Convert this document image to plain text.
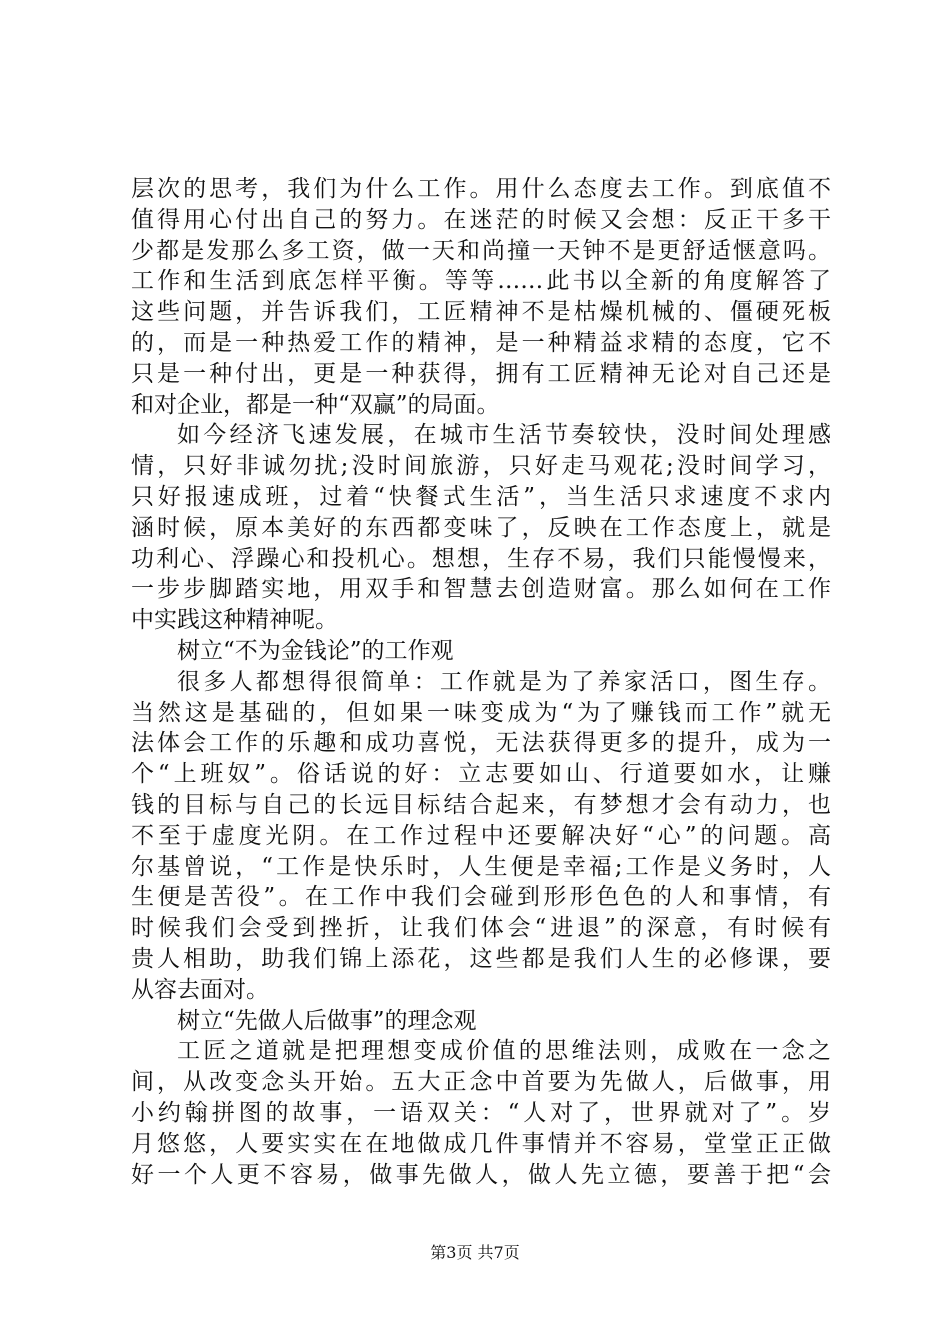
层次的思考，我们为什么工作。用什么态度去工作。到底值不
值得用心付出自己的努力。在迷茫的时候又会想：反正干多干
少都是发那么多工资，做一天和尚撞一天钟不是更舒适惬意吗。
工作和生活到底怎样平衡。等等……此书以全新的角度解答了
这些问题，并告诉我们，工匠精神不是枯燥机械的、僵硬死板
的，而是一种热爱工作的精神，是一种精益求精的态度，它不
只是一种付出，更是一种获得，拥有工匠精神无论对自己还是
和对企业，都是一种“双赢”的局面。
如今经济飞速发展，在城市生活节奏较快，没时间处理感
情，只好非诚勿扰;没时间旅游，只好走马观花;没时间学习，
只好报速成班，过着“快餐式生活”，当生活只求速度不求内
涵时候，原本美好的东西都变味了，反映在工作态度上，就是
功利心、浮躁心和投机心。想想，生存不易，我们只能慢慢来，
一步步脚踏实地，用双手和智慧去创造财富。那么如何在工作
中实践这种精神呢。
树立“不为金钱论”的工作观
很多人都想得很简单：工作就是为了养家活口，图生存。
当然这是基础的，但如果一味变成为“为了赚钱而工作”就无
法体会工作的乐趣和成功喜悦，无法获得更多的提升，成为一
个“上班奴”。俗话说的好：立志要如山、行道要如水，让赚
钱的目标与自己的长远目标结合起来，有梦想才会有动力，也
不至于虚度光阴。在工作过程中还要解决好“心”的问题。高
尔基曾说，“工作是快乐时，人生便是幸福;工作是义务时，人
生便是苦役”。在工作中我们会碰到形形色色的人和事情，有
时候我们会受到挫折，让我们体会“进退”的深意，有时候有
贵人相助，助我们锦上添花，这些都是我们人生的必修课，要
从容去面对。
树立“先做人后做事”的理念观
工匠之道就是把理想变成价值的思维法则，成败在一念之
间，从改变念头开始。五大正念中首要为先做人，后做事，用
小约翰拼图的故事，一语双关：“人对了，世界就对了”。岁
月悠悠，人要实实在在地做成几件事情并不容易，堂堂正正做
好一个人更不容易，做事先做人，做人先立德，要善于把“会
第3页 共7页
